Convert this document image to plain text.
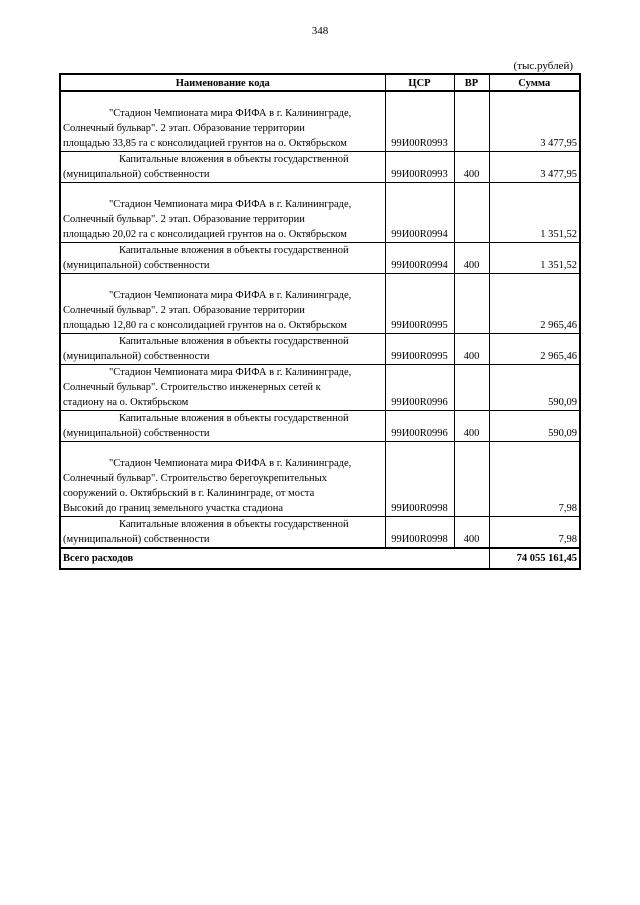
348
(тыс.рублей)
Наименование кода	ЦСР	ВР	Сумма
"Стадион Чемпионата мира ФИФА в г. Калининграде,
Солнечный бульвар". 2 этап. Образование территории
площадью 33,85 га с консолидацией грунтов на о. Октябрьском	99И00R0993		3 477,95
Капитальные вложения в объекты государственной
(муниципальной) собственности	99И00R0993	400	3 477,95
"Стадион Чемпионата мира ФИФА в г. Калининграде,
Солнечный бульвар". 2 этап. Образование территории
площадью 20,02 га с консолидацией грунтов на о. Октябрьском	99И00R0994		1 351,52
Капитальные вложения в объекты государственной
(муниципальной) собственности	99И00R0994	400	1 351,52
"Стадион Чемпионата мира ФИФА в г. Калининграде,
Солнечный бульвар". 2 этап. Образование территории
площадью 12,80 га с консолидацией грунтов на о. Октябрьском	99И00R0995		2 965,46
Капитальные вложения в объекты государственной
(муниципальной) собственности	99И00R0995	400	2 965,46
"Стадион Чемпионата мира ФИФА в г. Калининграде,
Солнечный бульвар". Строительство инженерных сетей к
стадиону на о. Октябрьском	99И00R0996		590,09
Капитальные вложения в объекты государственной
(муниципальной) собственности	99И00R0996	400	590,09
"Стадион Чемпионата мира ФИФА в г. Калининграде,
Солнечный бульвар". Строительство берегоукрепительных
сооружений о. Октябрьский в г. Калининграде, от моста
Высокий до границ земельного участка стадиона	99И00R0998		7,98
Капитальные вложения в объекты государственной
(муниципальной) собственности	99И00R0998	400	7,98
Всего расходов			74 055 161,45
